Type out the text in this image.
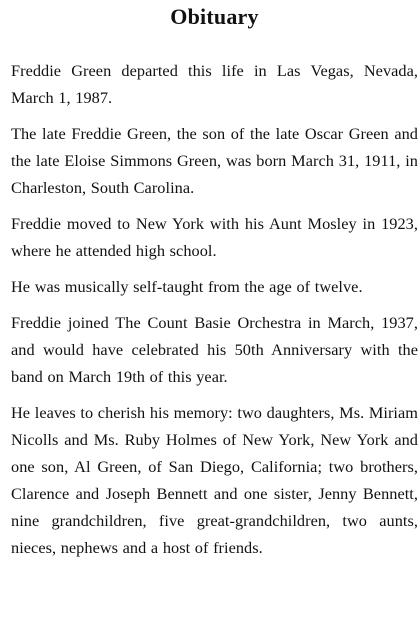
Obituary

Freddie Green departed this life in Las Vegas, Nevada, March 1, 1987.

The late Freddie Green, the son of the late Oscar Green and the late Eloise Simmons Green, was born March 31, 1911, in Charleston, South Carolina.

Freddie moved to New York with his Aunt Mosley in 1923, where he attended high school.

He was musically self-taught from the age of twelve.

Freddie joined The Count Basie Orchestra in March, 1937, and would have celebrated his 50th Anniversary with the band on March 19th of this year.

He leaves to cherish his memory: two daughters, Ms. Miriam Nicolls and Ms. Ruby Holmes of New York, New York and one son, Al Green, of San Diego, California; two brothers, Clarence and Joseph Bennett and one sister, Jenny Bennett, nine grandchildren, five great-grandchildren, two aunts, nieces, nephews and a host of friends.
